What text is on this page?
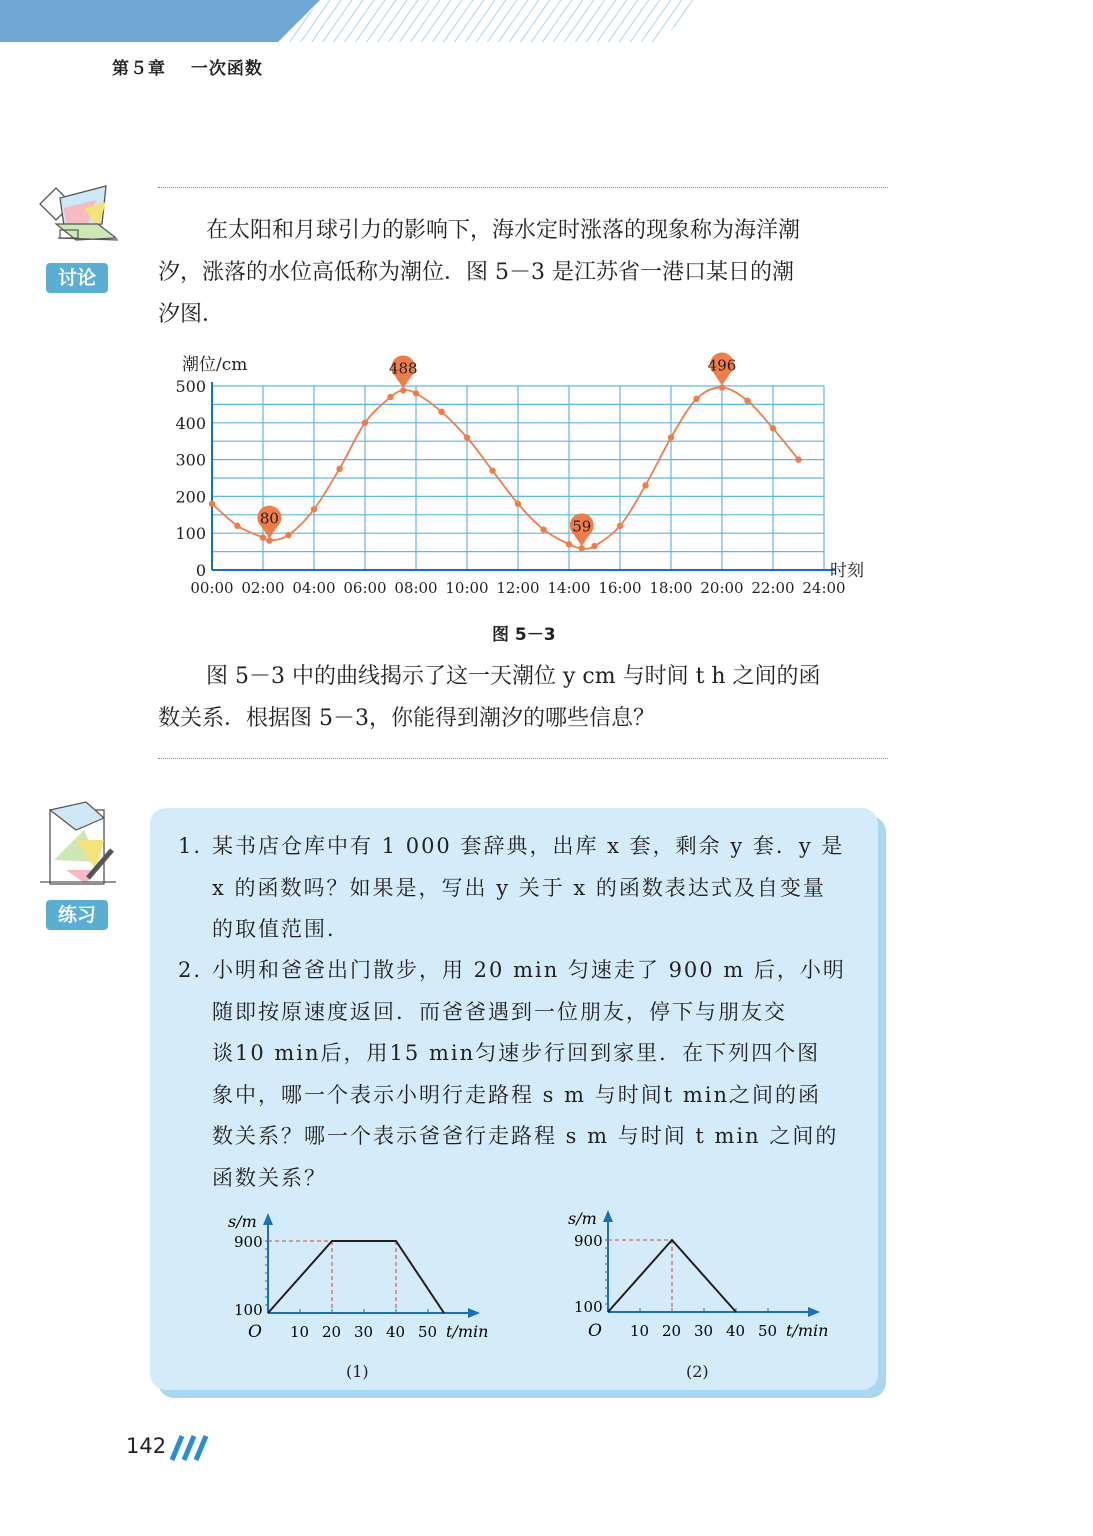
第５章 一次函数
讨论
在太阳和月球引力的影响下，海水定时涨落的现象称为海洋潮
汐，涨落的水位高低称为潮位．图 5－3 是江苏省一港口某日的潮
汐图．
0
100
200
300
400
500
00:00 02:00 04:00 06:00 08:00 10:00 12:00 14:00 16:00 18:00 20:00 22:00 24:00
潮位/cm
时刻
80
488
59
496
图 5－3
图 5－3 中的曲线揭示了这一天潮位 y cm 与时间 t h 之间的函
数关系．根据图 5－3，你能得到潮汐的哪些信息？
练习
1. 某书店仓库中有 1 000 套辞典，出库 x 套，剩余 y 套．y 是
x 的函数吗？如果是，写出 y 关于 x 的函数表达式及自变量
的取值范围．
2. 小明和爸爸出门散步，用 20 min 匀速走了 900 m 后，小明
随即按原速度返回．而爸爸遇到一位朋友，停下与朋友交
谈10 min后，用15 min匀速步行回到家里．在下列四个图
象中，哪一个表示小明行走路程 s m 与时间t min之间的函
数关系？哪一个表示爸爸行走路程 s m 与时间 t min 之间的
函数关系？
s/m
900
100
O 10 20 30 40 50 t/min
(1)
s/m
900
100
O 10 20 30 40 50 t/min
(2)
142
